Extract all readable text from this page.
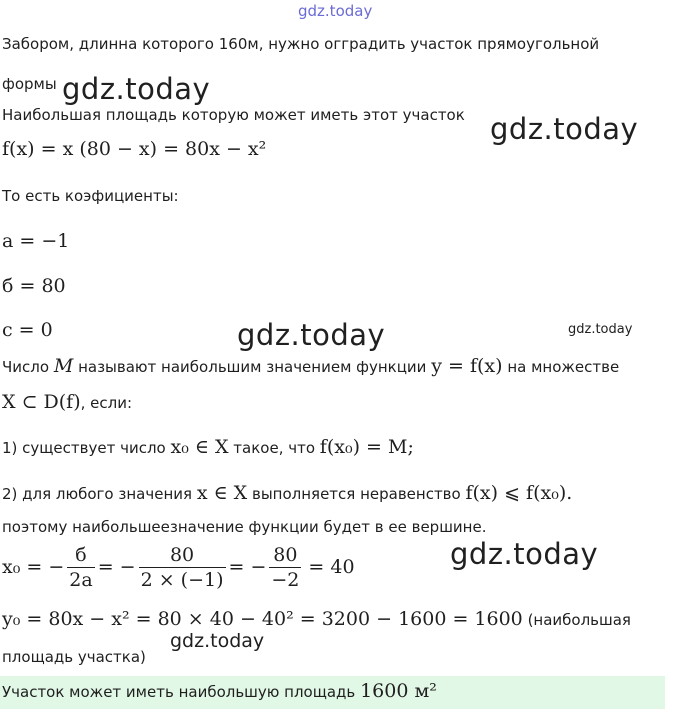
gdz.today
gdz.today
gdz.today
gdz.today	gdz.today
gdz.today
gdz.today
Забором, длинна которого 160м, нужно огградить участок прямоугольной
формы
Наибольшая площадь которую может иметь этот участок
f(x) = x (80 − x) = 80x − x²
То есть коэфициенты:
a = −1
б = 80
c = 0
Число M называют наибольшим значением функции y = f(x) на множестве
X ⊂ D(f), если:
1) существует число x₀ ∈ X такое, что f(x₀) = M;
2) для любого значения x ∈ X выполняется неравенство f(x) ⩽ f(x₀).
поэтому наибольшеезначение функции будет в ее вершине.
x₀ = − $\frac{б}{2a}$ = − $\frac{80}{2 \times (-1)}$ = − $\frac{80}{-2} = 40$
y₀ = 80x − x² = 80 × 40 − 40² = 3200 − 1600 = 1600 (наибольшая
площадь участка)
Участок может иметь наибольшую площадь 1600 м²
